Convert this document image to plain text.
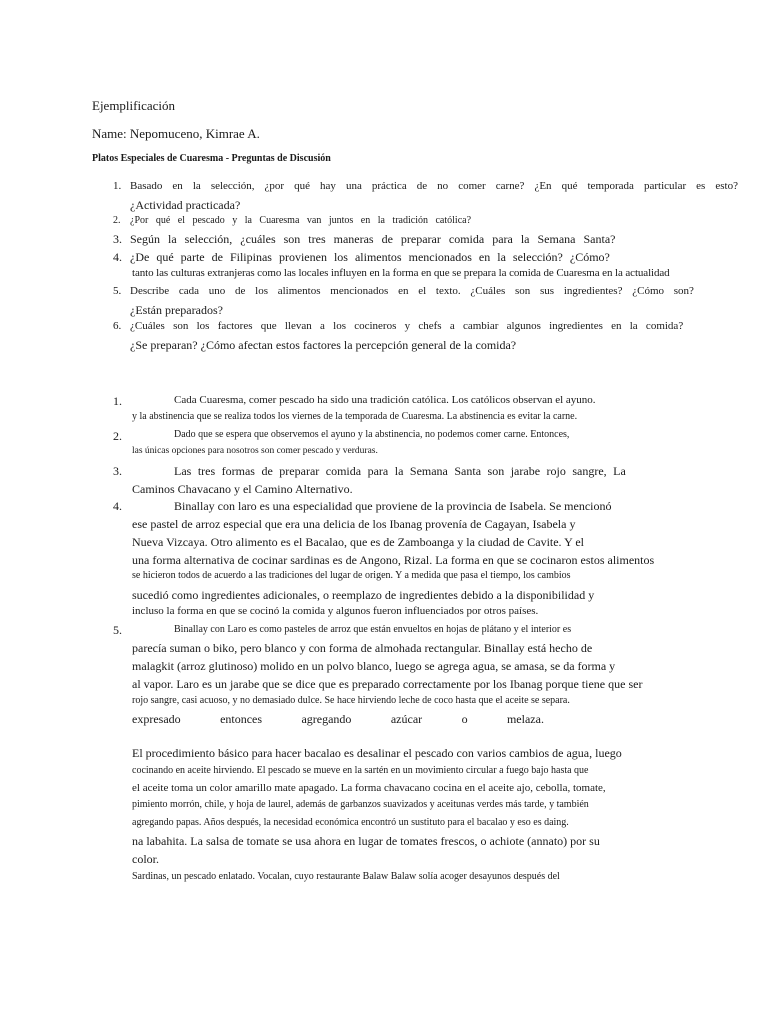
Ejemplificación
Name: Nepomuceno, Kimrae A.
Platos Especiales de Cuaresma - Preguntas de Discusión
1. Basado en la selección, ¿por qué hay una práctica de no comer carne? ¿En qué temporada particular es esto?
¿Actividad practicada?
2. ¿Por qué el pescado y la Cuaresma van juntos en la tradición católica?
3. Según la selección, ¿cuáles son tres maneras de preparar comida para la Semana Santa?
4. ¿De qué parte de Filipinas provienen los alimentos mencionados en la selección? ¿Cómo?
tanto las culturas extranjeras como las locales influyen en la forma en que se prepara la comida de Cuaresma en la actualidad
5. Describe cada uno de los alimentos mencionados en el texto. ¿Cuáles son sus ingredientes? ¿Cómo son?
¿Están preparados?
6. ¿Cuáles son los factores que llevan a los cocineros y chefs a cambiar algunos ingredientes en la comida?
¿Se preparan? ¿Cómo afectan estos factores la percepción general de la comida?
1.	Cada Cuaresma, comer pescado ha sido una tradición católica. Los católicos observan el ayuno.
y la abstinencia que se realiza todos los viernes de la temporada de Cuaresma. La abstinencia es evitar la carne.
2.	Dado que se espera que observemos el ayuno y la abstinencia, no podemos comer carne. Entonces,
las únicas opciones para nosotros son comer pescado y verduras.
3.	Las tres formas de preparar comida para la Semana Santa son jarabe rojo sangre, La
Caminos Chavacano y el Camino Alternativo.
4.	Binallay con laro es una especialidad que proviene de la provincia de Isabela. Se mencionó
ese pastel de arroz especial que era una delicia de los Ibanag provenía de Cagayan, Isabela y
Nueva Vizcaya. Otro alimento es el Bacalao, que es de Zamboanga y la ciudad de Cavite. Y el
una forma alternativa de cocinar sardinas es de Angono, Rizal. La forma en que se cocinaron estos alimentos
se hicieron todos de acuerdo a las tradiciones del lugar de origen. Y a medida que pasa el tiempo, los cambios
sucedió como ingredientes adicionales, o reemplazo de ingredientes debido a la disponibilidad y
incluso la forma en que se cocinó la comida y algunos fueron influenciados por otros países.
5.	Binallay con Laro es como pasteles de arroz que están envueltos en hojas de plátano y el interior es
parecía suman o biko, pero blanco y con forma de almohada rectangular. Binallay está hecho de
malagkit (arroz glutinoso) molido en un polvo blanco, luego se agrega agua, se amasa, se da forma y
al vapor. Laro es un jarabe que se dice que es preparado correctamente por los Ibanag porque tiene que ser
rojo sangre, casi acuoso, y no demasiado dulce. Se hace hirviendo leche de coco hasta que el aceite se separa.
expresado	entonces	agregando	azúcar	o	melaza.
El procedimiento básico para hacer bacalao es desalinar el pescado con varios cambios de agua, luego
cocinando en aceite hirviendo. El pescado se mueve en la sartén en un movimiento circular a fuego bajo hasta que
el aceite toma un color amarillo mate apagado. La forma chavacano cocina en el aceite ajo, cebolla, tomate,
pimiento morrón, chile, y hoja de laurel, además de garbanzos suavizados y aceitunas verdes más tarde, y también
agregando papas. Años después, la necesidad económica encontró un sustituto para el bacalao y eso es daing.
na labahita. La salsa de tomate se usa ahora en lugar de tomates frescos, o achiote (annato) por su
color.
Sardinas, un pescado enlatado. Vocalan, cuyo restaurante Balaw Balaw solía acoger desayunos después del
